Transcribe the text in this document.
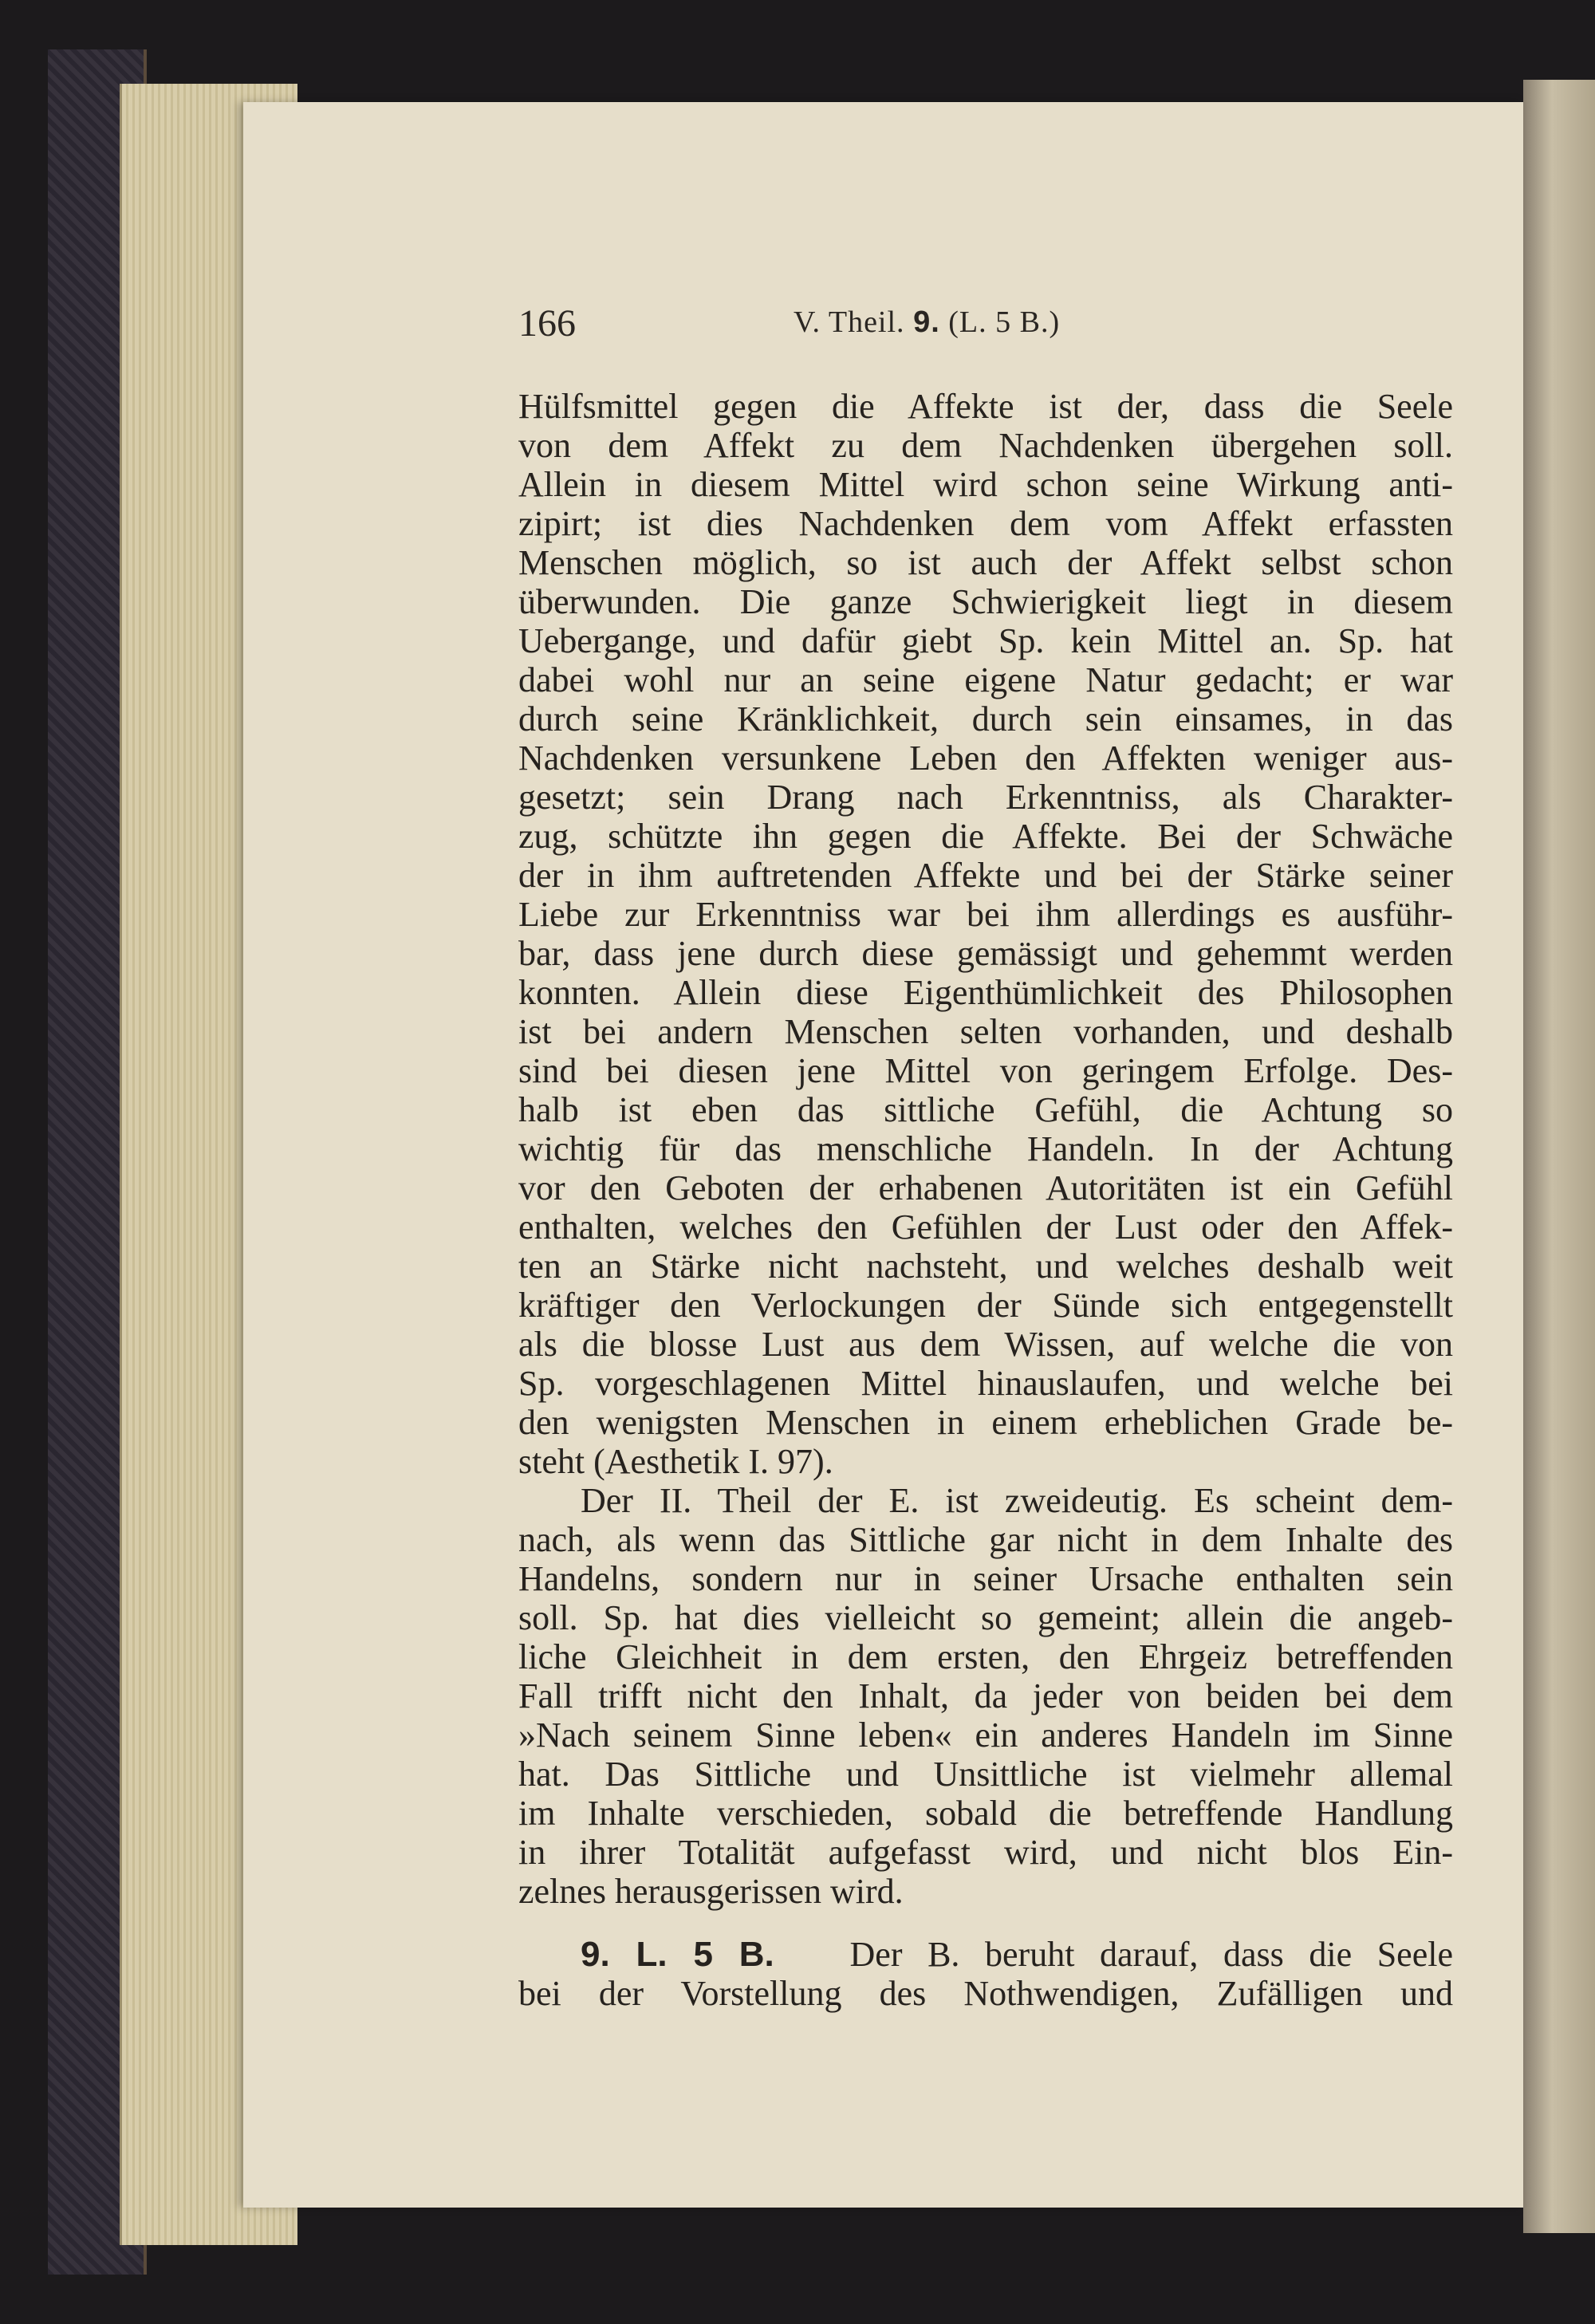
166	V. Theil. 9. (L. 5 B.)
Hülfsmittel gegen die Affekte ist der, dass die Seele
von dem Affekt zu dem Nachdenken übergehen soll.
Allein in diesem Mittel wird schon seine Wirkung anti-
zipirt; ist dies Nachdenken dem vom Affekt erfassten
Menschen möglich, so ist auch der Affekt selbst schon
überwunden. Die ganze Schwierigkeit liegt in diesem
Uebergange, und dafür giebt Sp. kein Mittel an. Sp. hat
dabei wohl nur an seine eigene Natur gedacht; er war
durch seine Kränklichkeit, durch sein einsames, in das
Nachdenken versunkene Leben den Affekten weniger aus-
gesetzt; sein Drang nach Erkenntniss, als Charakter-
zug, schützte ihn gegen die Affekte. Bei der Schwäche
der in ihm auftretenden Affekte und bei der Stärke seiner
Liebe zur Erkenntniss war bei ihm allerdings es ausführ-
bar, dass jene durch diese gemässigt und gehemmt werden
konnten. Allein diese Eigenthümlichkeit des Philosophen
ist bei andern Menschen selten vorhanden, und deshalb
sind bei diesen jene Mittel von geringem Erfolge. Des-
halb ist eben das sittliche Gefühl, die Achtung so
wichtig für das menschliche Handeln. In der Achtung
vor den Geboten der erhabenen Autoritäten ist ein Gefühl
enthalten, welches den Gefühlen der Lust oder den Affek-
ten an Stärke nicht nachsteht, und welches deshalb weit
kräftiger den Verlockungen der Sünde sich entgegenstellt
als die blosse Lust aus dem Wissen, auf welche die von
Sp. vorgeschlagenen Mittel hinauslaufen, und welche bei
den wenigsten Menschen in einem erheblichen Grade be-
steht (Aesthetik I. 97).
Der II. Theil der E. ist zweideutig. Es scheint dem-
nach, als wenn das Sittliche gar nicht in dem Inhalte des
Handelns, sondern nur in seiner Ursache enthalten sein
soll. Sp. hat dies vielleicht so gemeint; allein die angeb-
liche Gleichheit in dem ersten, den Ehrgeiz betreffenden
Fall trifft nicht den Inhalt, da jeder von beiden bei dem
»Nach seinem Sinne leben« ein anderes Handeln im Sinne
hat. Das Sittliche und Unsittliche ist vielmehr allemal
im Inhalte verschieden, sobald die betreffende Handlung
in ihrer Totalität aufgefasst wird, und nicht blos Ein-
zelnes herausgerissen wird.
9. L. 5 B. Der B. beruht darauf, dass die Seele
bei der Vorstellung des Nothwendigen, Zufälligen und
